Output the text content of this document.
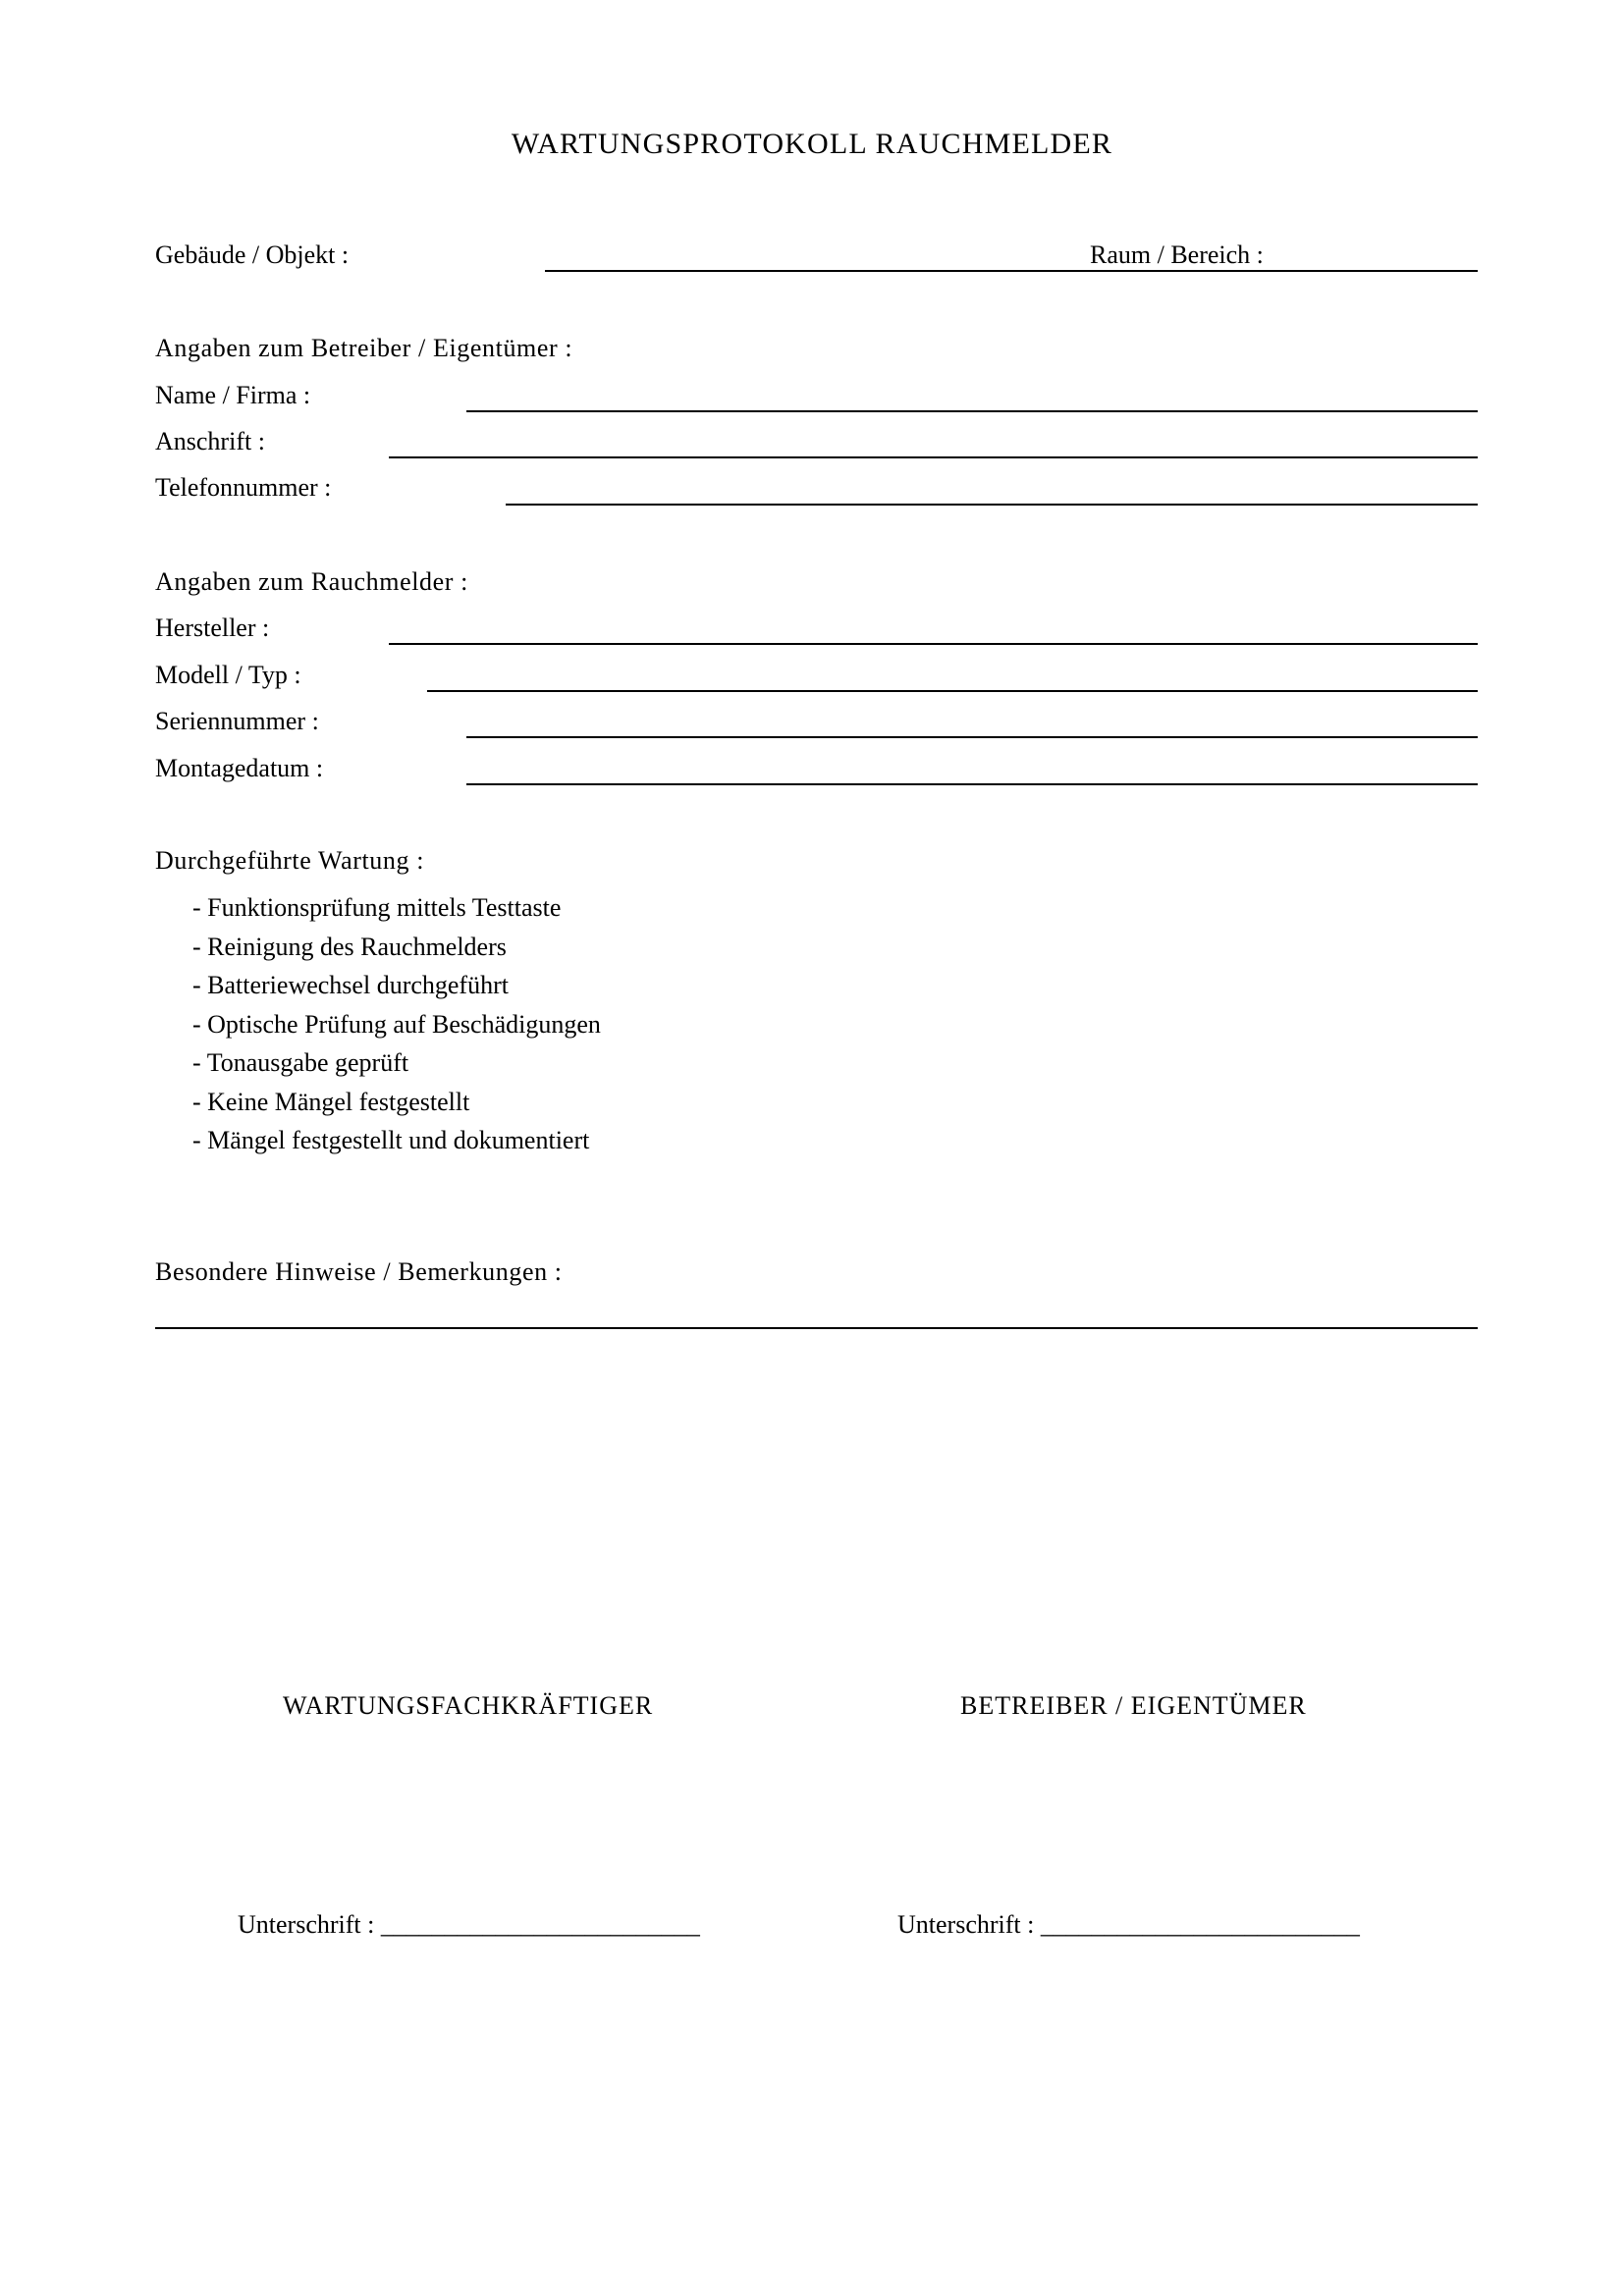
WARTUNGSPROTOKOLL RAUCHMELDER
Gebäude / Objekt :	Raum / Bereich :
Angaben zum Betreiber / Eigentümer :
Name / Firma :
Anschrift :
Telefonnummer :
Angaben zum Rauchmelder :
Hersteller :
Modell / Typ :
Seriennummer :
Montagedatum :
Durchgeführte Wartung :
- Funktionsprüfung mittels Testtaste
- Reinigung des Rauchmelders
- Batteriewechsel durchgeführt
- Optische Prüfung auf Beschädigungen
- Tonausgabe geprüft
- Keine Mängel festgestellt
- Mängel festgestellt und dokumentiert
Besondere Hinweise / Bemerkungen :
WARTUNGSFACHKRÄFTIGER	BETREIBER / EIGENTÜMER
Unterschrift : _________________________	Unterschrift : _________________________
